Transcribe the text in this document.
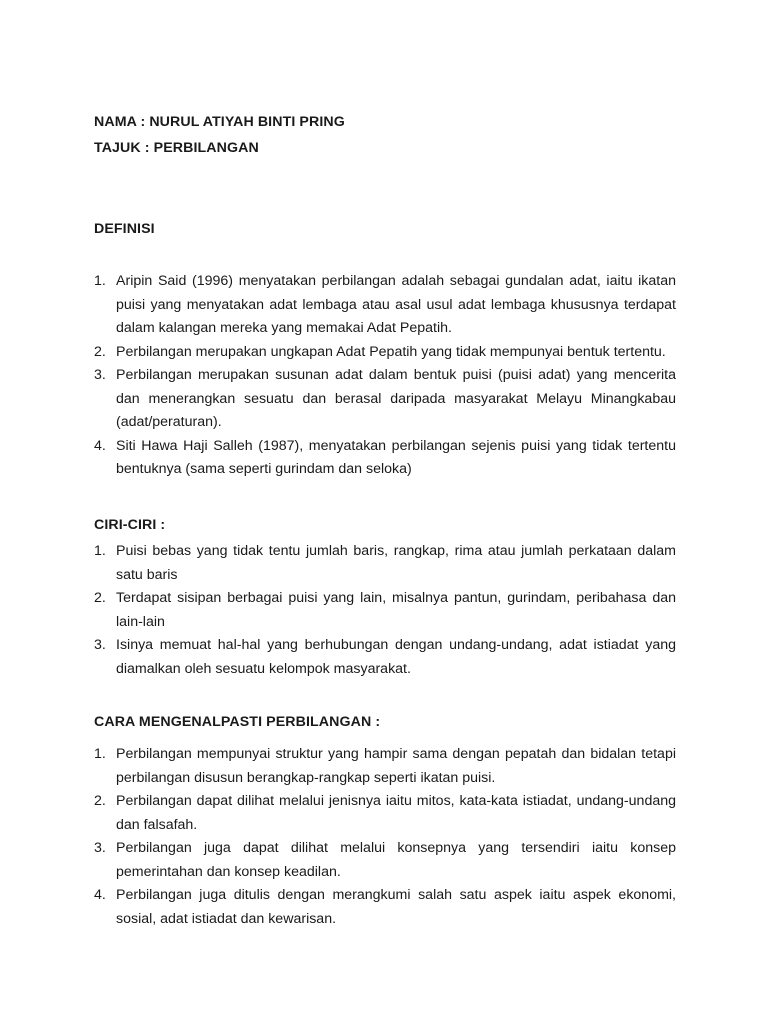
NAMA : NURUL ATIYAH BINTI PRING
TAJUK : PERBILANGAN
DEFINISI
1. Aripin Said (1996) menyatakan perbilangan adalah sebagai gundalan adat, iaitu ikatan puisi yang menyatakan adat lembaga atau asal usul adat lembaga khususnya terdapat dalam kalangan mereka yang memakai Adat Pepatih.
2. Perbilangan merupakan ungkapan Adat Pepatih yang tidak mempunyai bentuk tertentu.
3. Perbilangan merupakan susunan adat dalam bentuk puisi (puisi adat) yang mencerita dan menerangkan sesuatu dan berasal daripada masyarakat Melayu Minangkabau (adat/peraturan).
4. Siti Hawa Haji Salleh (1987), menyatakan perbilangan sejenis puisi yang tidak tertentu bentuknya (sama seperti gurindam dan seloka)
CIRI-CIRI :
1. Puisi bebas yang tidak tentu jumlah baris, rangkap, rima atau jumlah perkataan dalam satu baris
2. Terdapat sisipan berbagai puisi yang lain, misalnya pantun, gurindam, peribahasa dan lain-lain
3. Isinya memuat hal-hal yang berhubungan dengan undang-undang, adat istiadat yang diamalkan oleh sesuatu kelompok masyarakat.
CARA MENGENALPASTI PERBILANGAN :
1. Perbilangan mempunyai struktur yang hampir sama dengan pepatah dan bidalan tetapi perbilangan disusun berangkap-rangkap seperti ikatan puisi.
2. Perbilangan dapat dilihat melalui jenisnya iaitu mitos, kata-kata istiadat, undang-undang dan falsafah.
3. Perbilangan juga dapat dilihat melalui konsepnya yang tersendiri iaitu konsep pemerintahan dan konsep keadilan.
4. Perbilangan juga ditulis dengan merangkumi salah satu aspek iaitu aspek ekonomi, sosial, adat istiadat dan kewarisan.
